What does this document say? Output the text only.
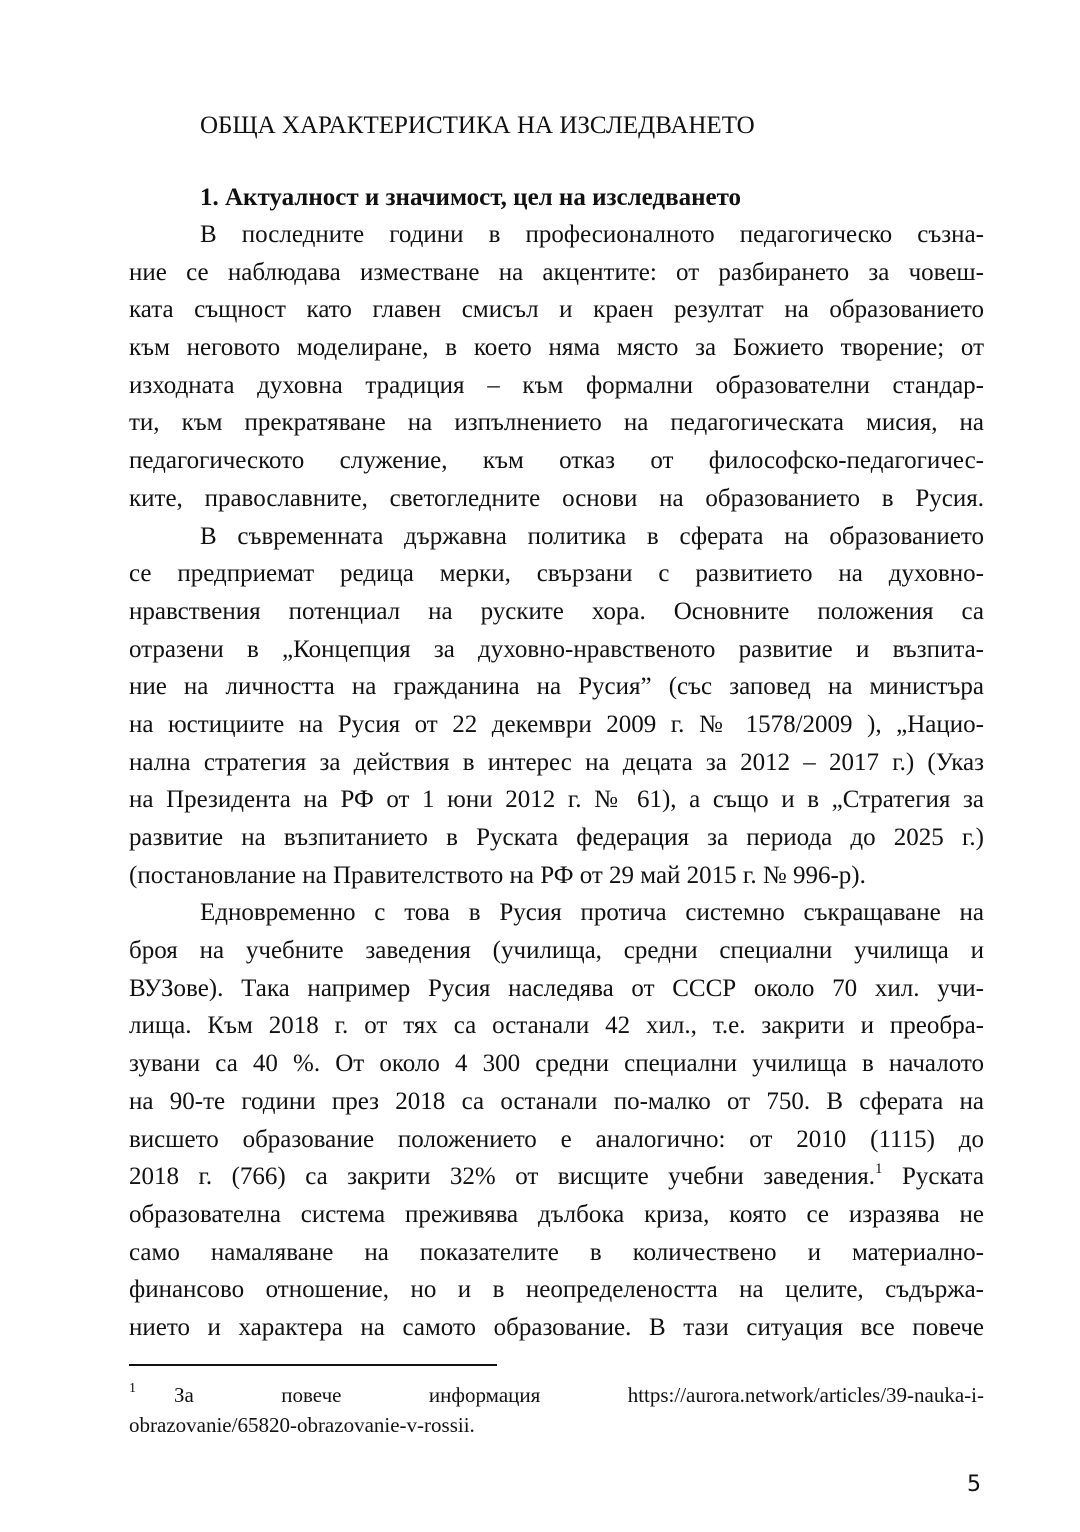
ОБЩА ХАРАКТЕРИСТИКА НА ИЗСЛЕДВАНЕТО
1. Актуалност и значимост, цел на изследването
В последните години в професионалното педагогическо съзна-
ние се наблюдава изместване на акцентите: от разбирането за човеш-
ката същност като главен смисъл и краен резултат на образованието
към неговото моделиране, в което няма място за Божието творение; от
изходната духовна традиция – към формални образователни стандар-
ти, към прекратяване на изпълнението на педагогическата мисия, на
педагогическото служение, към отказ от философско-педагогичес-
ките, православните, светогледните основи на образованието в Русия.
В съвременната държавна политика в сферата на образованието
се предприемат редица мерки, свързани с развитието на духовно-
нравствения потенциал на руските хора. Основните положения са
отразени в „Концепция за духовно-нравственото развитие и възпита-
ние на личността на гражданина на Русия” (със заповед на министъра
на юстициите на Русия от 22 декември 2009 г. № 1578/2009 ), „Нацио-
нална стратегия за действия в интерес на децата за 2012 – 2017 г.) (Указ
на Президента на РФ от 1 юни 2012 г. № 61), а също и в „Стратегия за
развитие на възпитанието в Руската федерация за периода до 2025 г.)
(постановлание на Правителството на РФ от 29 май 2015 г. № 996-р).
Едновременно с това в Русия протича системно съкращаване на
броя на учебните заведения (училища, средни специални училища и
ВУЗове). Така например Русия наследява от СССР около 70 хил. учи-
лища. Към 2018 г. от тях са останали 42 хил., т.е. закрити и преобра-
зувани са 40 %. От около 4 300 средни специални училища в началото
на 90-те години през 2018 са останали по-малко от 750. В сферата на
висшето образование положението е аналогично: от 2010 (1115) до
2018 г. (766) са закрити 32% от висщите учебни заведения.$^1$ Руската
образователна система преживява дълбока криза, която се изразява не
само намаляване на показателите в количествено и материално-
финансово отношение, но и в неопределеността на целите, съдържа-
нието и характера на самото образование. В тази ситуация все повече
$^1$ За повече информация https://aurora.network/articles/39-nauka-i-
obrazovanie/65820-obrazovanie-v-rossii.
5
